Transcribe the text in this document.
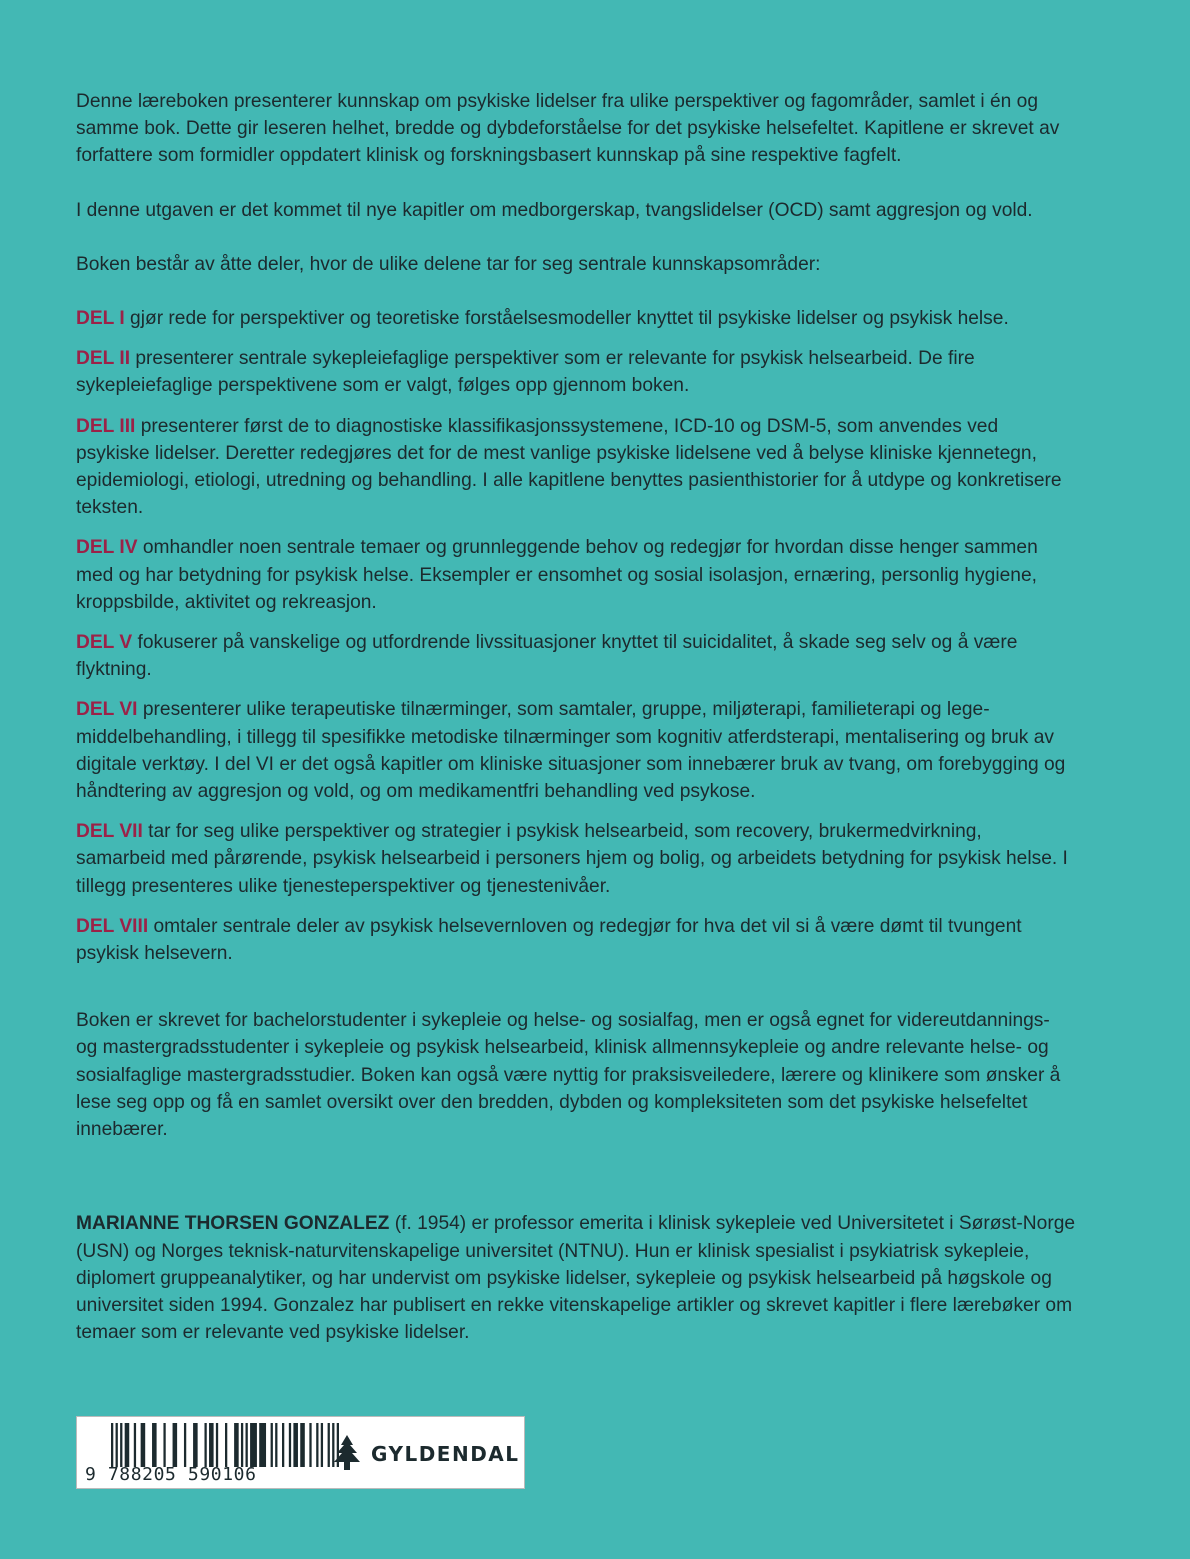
Denne læreboken presenterer kunnskap om psykiske lidelser fra ulike perspektiver og fagområder, samlet i én og samme bok. Dette gir leseren helhet, bredde og dybdeforståelse for det psykiske helsefeltet. Kapitlene er skrevet av forfattere som formidler oppdatert klinisk og forskningsbasert kunnskap på sine respektive fagfelt.

I denne utgaven er det kommet til nye kapitler om medborgerskap, tvangslidelser (OCD) samt aggresjon og vold.

Boken består av åtte deler, hvor de ulike delene tar for seg sentrale kunnskapsområder:

DEL I gjør rede for perspektiver og teoretiske forståelsesmodeller knyttet til psykiske lidelser og psykisk helse.

DEL II presenterer sentrale sykepleiefaglige perspektiver som er relevante for psykisk helsearbeid. De fire sykepleiefaglige perspektivene som er valgt, følges opp gjennom boken.

DEL III presenterer først de to diagnostiske klassifikasjonssystemene, ICD-10 og DSM-5, som anvendes ved psykiske lidelser. Deretter redegjøres det for de mest vanlige psykiske lidelsene ved å belyse kliniske kjennetegn, epidemiologi, etiologi, utredning og behandling. I alle kapitlene benyttes pasienthistorier for å utdype og konkretisere teksten.

DEL IV omhandler noen sentrale temaer og grunnleggende behov og redegjør for hvordan disse henger sammen med og har betydning for psykisk helse. Eksempler er ensomhet og sosial isolasjon, ernæring, personlig hygiene, kroppsbilde, aktivitet og rekreasjon.

DEL V fokuserer på vanskelige og utfordrende livssituasjoner knyttet til suicidalitet, å skade seg selv og å være flyktning.

DEL VI presenterer ulike terapeutiske tilnærminger, som samtaler, gruppe, miljøterapi, familieterapi og legemiddelbehandling, i tillegg til spesifikke metodiske tilnærminger som kognitiv atferdsterapi, mentalisering og bruk av digitale verktøy. I del VI er det også kapitler om kliniske situasjoner som innebærer bruk av tvang, om forebygging og håndtering av aggresjon og vold, og om medikamentfri behandling ved psykose.

DEL VII tar for seg ulike perspektiver og strategier i psykisk helsearbeid, som recovery, brukermedvirkning, samarbeid med pårørende, psykisk helsearbeid i personers hjem og bolig, og arbeidets betydning for psykisk helse. I tillegg presenteres ulike tjenesteperspektiver og tjenestenivåer.

DEL VIII omtaler sentrale deler av psykisk helsevernloven og redegjør for hva det vil si å være dømt til tvungent psykisk helsevern.

Boken er skrevet for bachelorstudenter i sykepleie og helse- og sosialfag, men er også egnet for videreutdannings- og mastergradsstudenter i sykepleie og psykisk helsearbeid, klinisk allmennsykepleie og andre relevante helse- og sosialfaglige mastergradsstudier. Boken kan også være nyttig for praksisveiledere, lærere og klinikere som ønsker å lese seg opp og få en samlet oversikt over den bredden, dybden og kompleksiteten som det psykiske helsefeltet innebærer.

MARIANNE THORSEN GONZALEZ (f. 1954) er professor emerita i klinisk sykepleie ved Universitetet i Sørøst-Norge (USN) og Norges teknisk-naturvitenskapelige universitet (NTNU). Hun er klinisk spesialist i psykiatrisk sykepleie, diplomert gruppeanalytiker, og har undervist om psykiske lidelser, sykepleie og psykisk helsearbeid på høgskole og universitet siden 1994. Gonzalez har publisert en rekke vitenskapelige artikler og skrevet kapitler i flere lærebøker om temaer som er relevante ved psykiske lidelser.

9 788205 590106
GYLDENDAL
